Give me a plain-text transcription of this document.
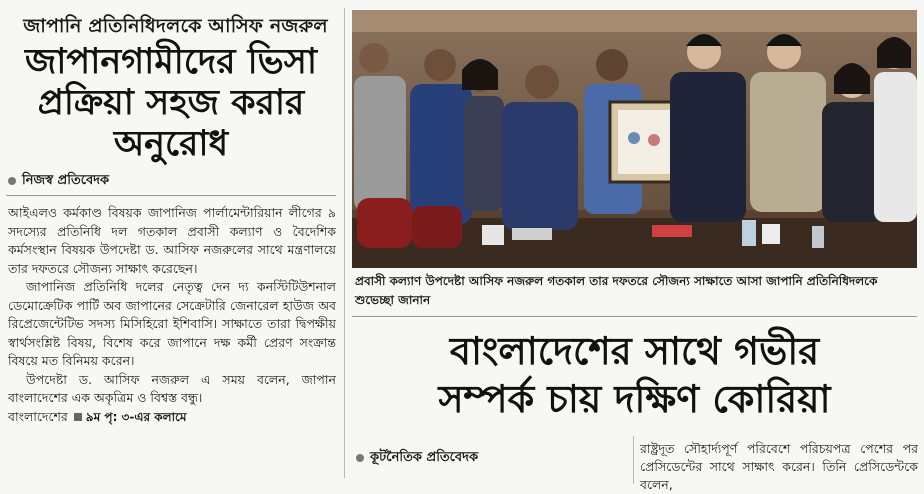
জাপানি প্রতিনিধিদলকে আসিফ নজরুল
জাপানগামীদের ভিসা
প্রক্রিয়া সহজ করার
অনুরোধ
নিজস্ব প্রতিবেদক

আইএলও কর্মকাণ্ড বিষয়ক জাপানিজ পার্লামেন্টারিয়ান লীগের ৯ সদস্যের প্রতিনিধি দল গতকাল প্রবাসী কল্যাণ ও বৈদেশিক কর্মসংস্থান বিষয়ক উপদেষ্টা ড. আসিফ নজরুলের সাথে মন্ত্রণালয়ে তার দফতরে সৌজন্য সাক্ষাৎ করেছেন।

জাপানিজ প্রতিনিধি দলের নেতৃত্ব দেন দ্য কনস্টিটিউশনাল ডেমোক্রেটিক পার্টি অব জাপানের সেক্রেটারি জেনারেল হাউজ অব রিপ্রেজেন্টেটিভ সদস্য মিসিহিরো ইশিবাসি। সাক্ষাতে তারা দ্বিপক্ষীয় স্বার্থসংশ্লিষ্ট বিষয়, বিশেষ করে জাপানে দক্ষ কর্মী প্রেরণ সংক্রান্ত বিষয়ে মত বিনিময় করেন।

উপদেষ্টা ড. আসিফ নজরুল এ সময় বলেন, জাপান বাংলাদেশের এক অকৃত্রিম ও বিশ্বস্ত বন্ধু।

বাংলাদেশের ৯ম পৃ: ৩-এর কলামে

প্রবাসী কল্যাণ উপদেষ্টা আসিফ নজরুল গতকাল তার দফতরে সৌজন্য সাক্ষাতে আসা জাপানি প্রতিনিধিদলকে শুভেচ্ছা জানান
বাংলাদেশের সাথে গভীর
সম্পর্ক চায় দক্ষিণ কোরিয়া
কূটনৈতিক প্রতিবেদক
রাষ্ট্রদূত সৌহার্দ্যপূর্ণ পরিবেশে পরিচয়পত্র পেশের পর প্রেসিডেন্টের সাথে সাক্ষাৎ করেন। তিনি প্রেসিডেন্টকে বলেন,
